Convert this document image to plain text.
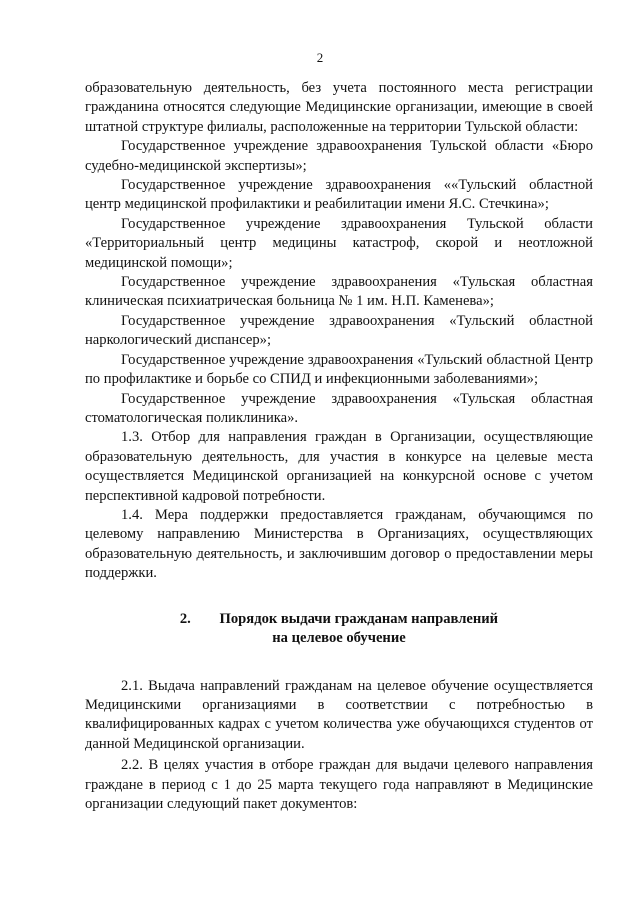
2

образовательную деятельность, без учета постоянного места регистрации гражданина относятся следующие Медицинские организации, имеющие в своей штатной структуре филиалы, расположенные на территории Тульской области:

Государственное учреждение здравоохранения Тульской области «Бюро судебно-медицинской экспертизы»;

Государственное учреждение здравоохранения ««Тульский областной центр медицинской профилактики и реабилитации имени Я.С. Стечкина»;

Государственное учреждение здравоохранения Тульской области «Территориальный центр медицины катастроф, скорой и неотложной медицинской помощи»;

Государственное учреждение здравоохранения «Тульская областная клиническая психиатрическая больница № 1 им. Н.П. Каменева»;

Государственное учреждение здравоохранения «Тульский областной наркологический диспансер»;

Государственное учреждение здравоохранения «Тульский областной Центр по профилактике и борьбе со СПИД и инфекционными заболеваниями»;

Государственное учреждение здравоохранения «Тульская областная стоматологическая поликлиника».

1.3. Отбор для направления граждан в Организации, осуществляющие образовательную деятельность, для участия в конкурсе на целевые места осуществляется Медицинской организацией на конкурсной основе с учетом перспективной кадровой потребности.

1.4. Мера поддержки предоставляется гражданам, обучающимся по целевому направлению Министерства в Организациях, осуществляющих образовательную деятельность, и заключившим договор о предоставлении меры поддержки.

2. Порядок выдачи гражданам направлений
на целевое обучение

2.1. Выдача направлений гражданам на целевое обучение осуществляется Медицинскими организациями в соответствии с потребностью в квалифицированных кадрах с учетом количества уже обучающихся студентов от данной Медицинской организации.

2.2. В целях участия в отборе граждан для выдачи целевого направления граждане в период с 1 до 25 марта текущего года направляют в Медицинские организации следующий пакет документов:
